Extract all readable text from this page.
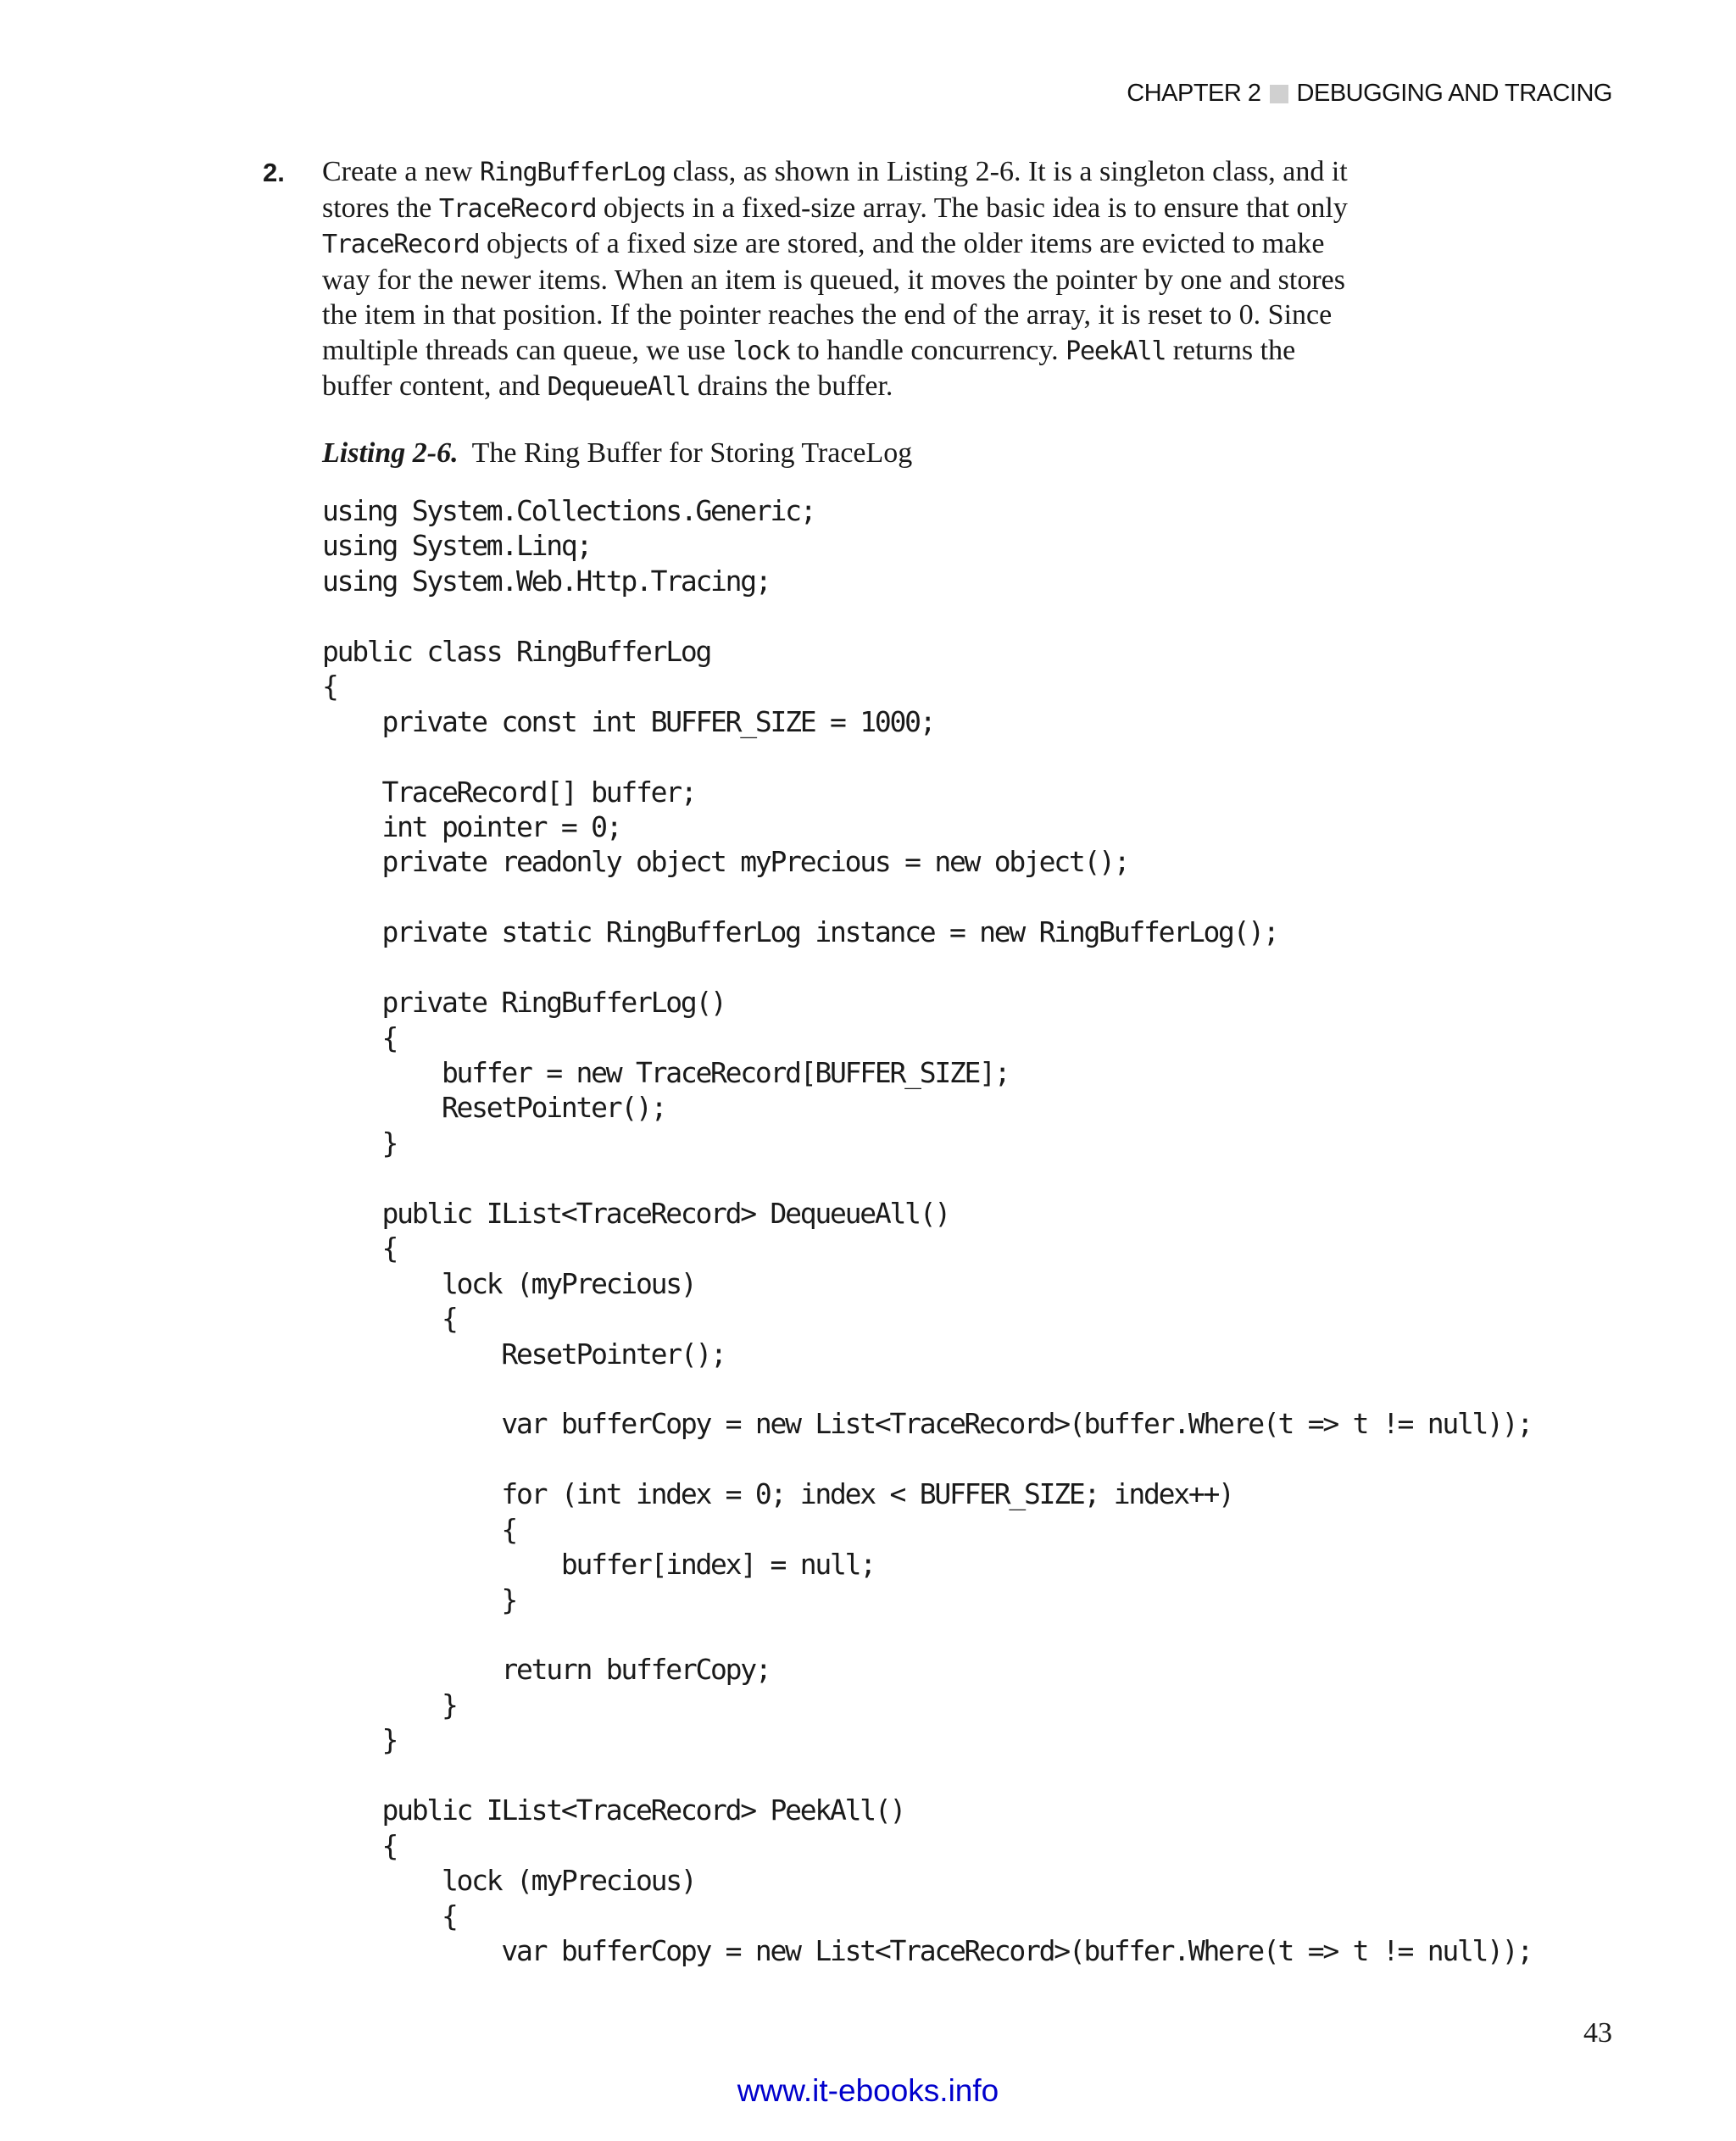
CHAPTER 2 DEBUGGING AND TRACING
2. Create a new RingBufferLog class, as shown in Listing 2-6. It is a singleton class, and it
stores the TraceRecord objects in a fixed-size array. The basic idea is to ensure that only
TraceRecord objects of a fixed size are stored, and the older items are evicted to make
way for the newer items. When an item is queued, it moves the pointer by one and stores
the item in that position. If the pointer reaches the end of the array, it is reset to 0. Since
multiple threads can queue, we use lock to handle concurrency. PeekAll returns the
buffer content, and DequeueAll drains the buffer.
Listing 2-6. The Ring Buffer for Storing TraceLog
using System.Collections.Generic;
using System.Linq;
using System.Web.Http.Tracing;
public class RingBufferLog
{
private const int BUFFER_SIZE = 1000;
TraceRecord[] buffer;
int pointer = 0;
private readonly object myPrecious = new object();
private static RingBufferLog instance = new RingBufferLog();
private RingBufferLog()
{
buffer = new TraceRecord[BUFFER_SIZE];
ResetPointer();
}
public IList<TraceRecord> DequeueAll()
{
lock (myPrecious)
{
ResetPointer();
var bufferCopy = new List<TraceRecord>(buffer.Where(t => t != null));
for (int index = 0; index < BUFFER_SIZE; index++)
{
buffer[index] = null;
}
return bufferCopy;
}
}
public IList<TraceRecord> PeekAll()
{
lock (myPrecious)
{
var bufferCopy = new List<TraceRecord>(buffer.Where(t => t != null));
43
www.it-ebooks.info
